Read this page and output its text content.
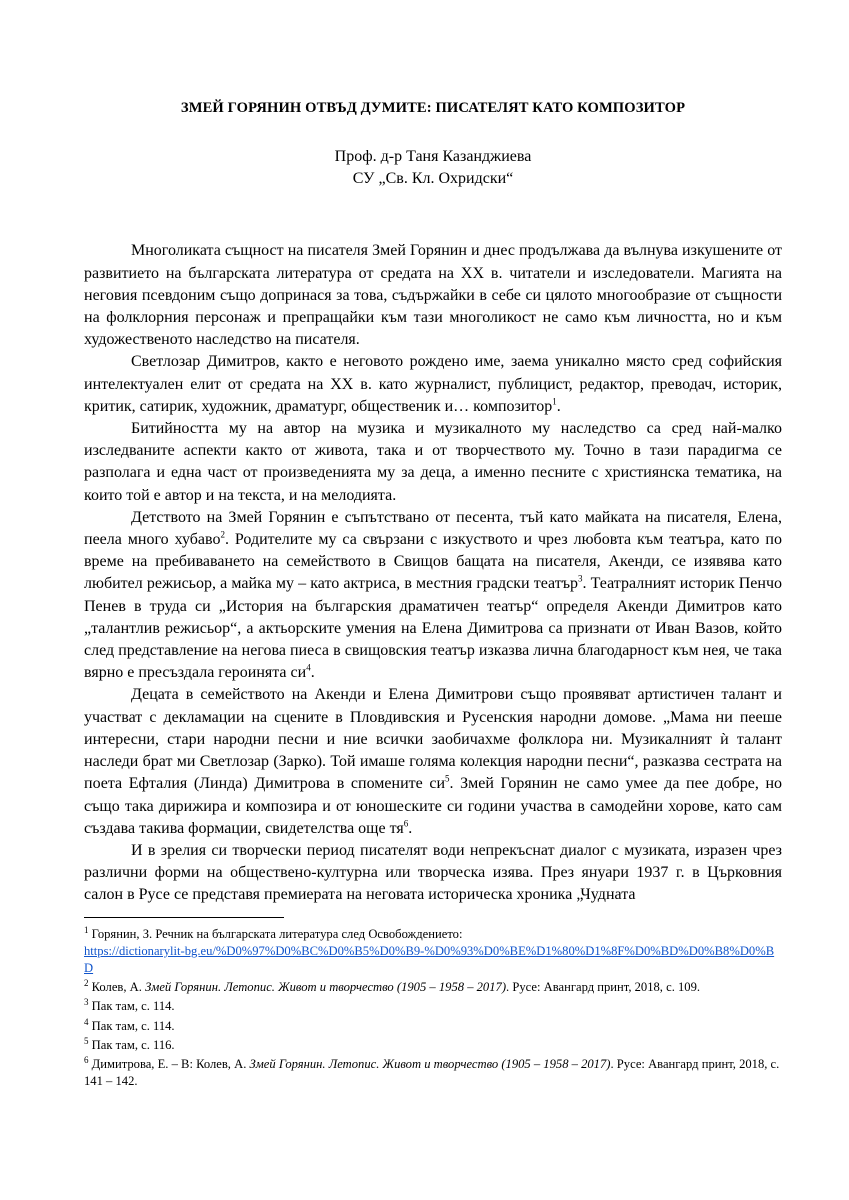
ЗМЕЙ ГОРЯНИН ОТВЪД ДУМИТЕ: ПИСАТЕЛЯТ КАТО КОМПОЗИТОР

Проф. д-р Таня Казанджиева

СУ „Св. Кл. Охридски“

Многоликата същност на писателя Змей Горянин и днес продължава да вълнува изкушените от развитието на българската литература от средата на XX в. читатели и изследователи. Магията на неговия псевдоним също допринася за това, съдържайки в себе си цялото многообразие от същности на фолклорния персонаж и препращайки към тази многоликост не само към личността, но и към художественото наследство на писателя.

Светлозар Димитров, както е неговото рождено име, заема уникално място сред софийския интелектуален елит от средата на XX в. като журналист, публицист, редактор, преводач, историк, критик, сатирик, художник, драматург, общественик и… композитор$^1$.

Битийността му на автор на музика и музикалното му наследство са сред най-малко изследваните аспекти както от живота, така и от творчеството му. Точно в тази парадигма се разполага и една част от произведенията му за деца, а именно песните с християнска тематика, на които той е автор и на текста, и на мелодията.

Детството на Змей Горянин е съпътствано от песента, тъй като майката на писателя, Елена, пеела много хубаво$^2$. Родителите му са свързани с изкуството и чрез любовта към театъра, като по време на пребиваването на семейството в Свищов бащата на писателя, Акенди, се изявява като любител режисьор, а майка му – като актриса, в местния градски театър$^3$. Театралният историк Пенчо Пенев в труда си „История на българския драматичен театър“ определя Акенди Димитров като „талантлив режисьор“, а актьорските умения на Елена Димитрова са признати от Иван Вазов, който след представление на негова пиеса в свищовския театър изказва лична благодарност към нея, че така вярно е пресъздала героинята $си^4$.

Децата в семейството на Акенди и Елена Димитрови също проявяват артистичен талант и участват с декламации на сцените в Пловдивския и Русенския народни домове. „Мама ни пееше интересни, стари народни песни и ние всички заобичахме фолклора ни. Музикалният ѝ талант наследи брат ми Светлозар (Зарко). Той имаше голяма колекция народни песни“, разказва сестрата на поета Ефталия (Линда) Димитрова в спомените $си^5$. Змей Горянин не само умее да пее добре, но също така дирижира и композира и от юношеските си години участва в самодейни хорове, като сам създава такива формации, свидетелства още $тя^6$.

И в зрелия си творчески период писателят води непрекъснат диалог с музиката, изразен чрез различни форми на обществено-културна или творческа изява. През януари 1937 г. в Църковния салон в Русе се представя премиерата на неговата историческа хроника „Чудната

$^1$ Горянин, З. Речник на българската литература след Освобождението:
https://dictionarylit-bg.eu/%D0%97%D0%BC%D0%B5%D0%B9-%D0%93%D0%BE%D1%80%D1%8F%D0%BD%D0%B8%D0%BD

$^2$ Колев, А. Змей Горянин. Летопис. Живот и творчество (1905 – 1958 – 2017). Русе: Авангард принт, 2018, с. 109.

$^3$ Пак там, с. 114.

$^4$ Пак там, с. 114.

$^5$ Пак там, с. 116.

$^6$ Димитрова, Е. – В: Колев, А. Змей Горянин. Летопис. Живот и творчество (1905 – 1958 – 2017). Русе: Авангард принт, 2018, с. 141 – 142.
